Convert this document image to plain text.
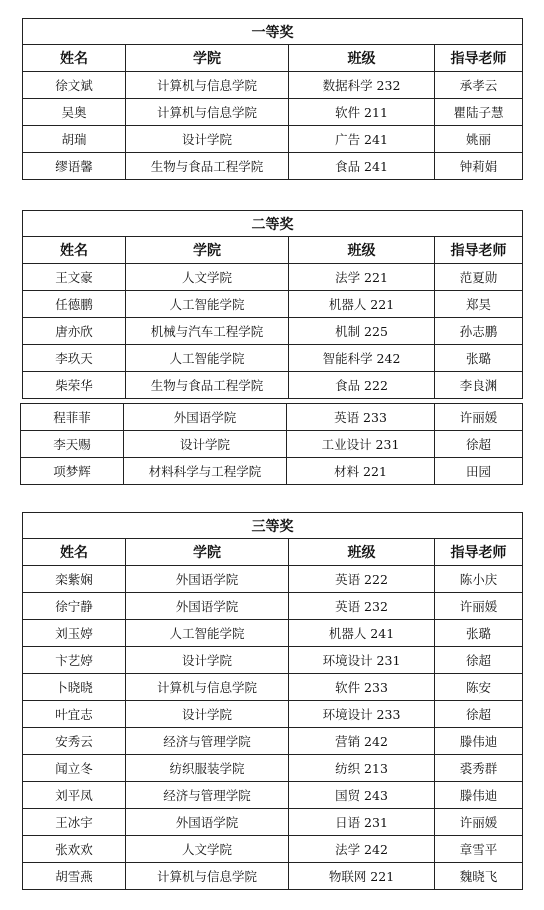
一等奖			
姓名	学院	班级	指导老师
徐文斌	计算机与信息学院	数据科学 232	承孝云
吴奥	计算机与信息学院	软件 211	瞿陆子慧
胡瑞	设计学院	广告 241	姚丽
缪语馨	生物与食品工程学院	食品 241	钟莉娟
二等奖			
姓名	学院	班级	指导老师
王文豪	人文学院	法学 221	范夏勋
任德鹏	人工智能学院	机器人 221	郑昊
唐亦欣	机械与汽车工程学院	机制 225	孙志鹏
李玖天	人工智能学院	智能科学 242	张璐
柴荣华	生物与食品工程学院	食品 222	李良渊
程菲菲	外国语学院	英语 233	许丽媛
李天赐	设计学院	工业设计 231	徐超
项梦辉	材料科学与工程学院	材料 221	田园
三等奖			
姓名	学院	班级	指导老师
栾紫娴	外国语学院	英语 222	陈小庆
徐宁静	外国语学院	英语 232	许丽媛
刘玉婷	人工智能学院	机器人 241	张璐
卞艺婷	设计学院	环境设计 231	徐超
卜晓晓	计算机与信息学院	软件 233	陈安
叶宜志	设计学院	环境设计 233	徐超
安秀云	经济与管理学院	营销 242	滕伟迪
闻立冬	纺织服装学院	纺织 213	裘秀群
刘平凤	经济与管理学院	国贸 243	滕伟迪
王冰宇	外国语学院	日语 231	许丽媛
张欢欢	人文学院	法学 242	章雪平
胡雪燕	计算机与信息学院	物联网 221	魏晓飞
